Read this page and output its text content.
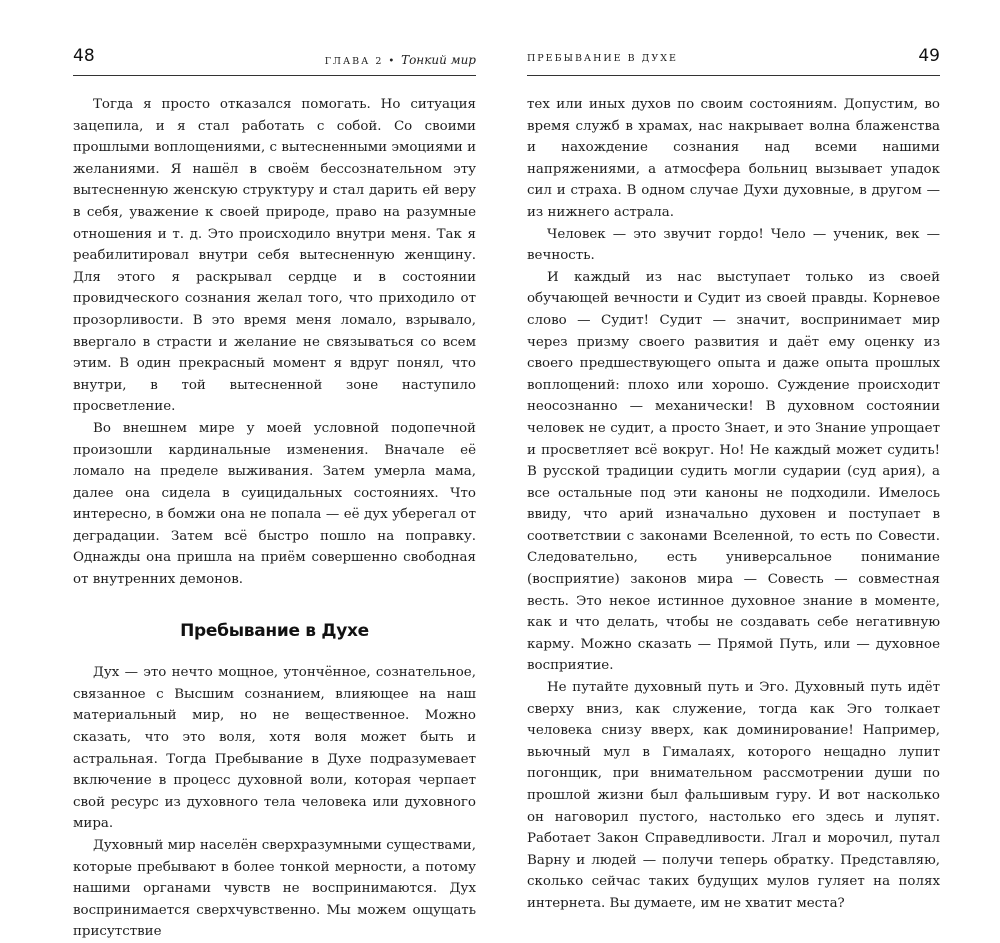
48	ГЛАВА 2 • Тонкий мир

Тогда я просто отказался помогать. Но ситуация зацепила, и я стал работать с собой. Со своими прошлыми воплощениями, с вытесненными эмоциями и желаниями. Я нашёл в своём бессознательном эту вытесненную женскую структуру и стал дарить ей веру в себя, уважение к своей природе, право на разумные отношения и т. д. Это происходило внутри меня. Так я реабилитировал внутри себя вытесненную женщину. Для этого я раскрывал сердце и в состоянии провидческого сознания желал того, что приходило от прозорливости. В это время меня ломало, взрывало, ввергало в страсти и желание не связываться со всем этим. В один прекрасный момент я вдруг понял, что внутри, в той вытесненной зоне наступило просветление.

Во внешнем мире у моей условной подопечной произошли кардинальные изменения. Вначале её ломало на пределе выживания. Затем умерла мама, далее она сидела в суицидальных состояниях. Что интересно, в бомжи она не попала — её дух уберегал от деградации. Затем всё быстро пошло на поправку. Однажды она пришла на приём совершенно свободная от внутренних демонов.

Пребывание в Духе

Дух — это нечто мощное, утончённое, сознательное, связанное с Высшим сознанием, влияющее на наш материальный мир, но не вещественное. Можно сказать, что это воля, хотя воля может быть и астральная. Тогда Пребывание в Духе подразумевает включение в процесс духовной воли, которая черпает свой ресурс из духовного тела человека или духовного мира.

Духовный мир населён сверхразумными существами, которые пребывают в более тонкой мерности, а потому нашими органами чувств не воспринимаются. Дух воспринимается сверхчувственно. Мы можем ощущать присутствие

ПРЕБЫВАНИЕ В ДУХЕ	49

тех или иных духов по своим состояниям. Допустим, во время служб в храмах, нас накрывает волна блаженства и нахождение сознания над всеми нашими напряжениями, а атмосфера больниц вызывает упадок сил и страха. В одном случае Духи духовные, в другом — из нижнего астрала.

Человек — это звучит гордо! Чело — ученик, век — вечность.

И каждый из нас выступает только из своей обучающей вечности и Судит из своей правды. Корневое слово — Судит! Судит — значит, воспринимает мир через призму своего развития и даёт ему оценку из своего предшествующего опыта и даже опыта прошлых воплощений: плохо или хорошо. Суждение происходит неосознанно — механически! В духовном состоянии человек не судит, а просто Знает, и это Знание упрощает и просветляет всё вокруг. Но! Не каждый может судить! В русской традиции судить могли сударии (суд ария), а все остальные под эти каноны не подходили. Имелось ввиду, что арий изначально духовен и поступает в соответствии с законами Вселенной, то есть по Совести. Следовательно, есть универсальное понимание (восприятие) законов мира — Совесть — совместная весть. Это некое истинное духовное знание в моменте, как и что делать, чтобы не создавать себе негативную карму. Можно сказать — Прямой Путь, или — духовное восприятие.

Не путайте духовный путь и Эго. Духовный путь идёт сверху вниз, как служение, тогда как Эго толкает человека снизу вверх, как доминирование! Например, вьючный мул в Гималаях, которого нещадно лупит погонщик, при внимательном рассмотрении души по прошлой жизни был фальшивым гуру. И вот насколько он наговорил пустого, настолько его здесь и лупят. Работает Закон Справедливости. Лгал и морочил, путал Варну и людей — получи теперь обратку. Представляю, сколько сейчас таких будущих мулов гуляет на полях интернета. Вы думаете, им не хватит места?
